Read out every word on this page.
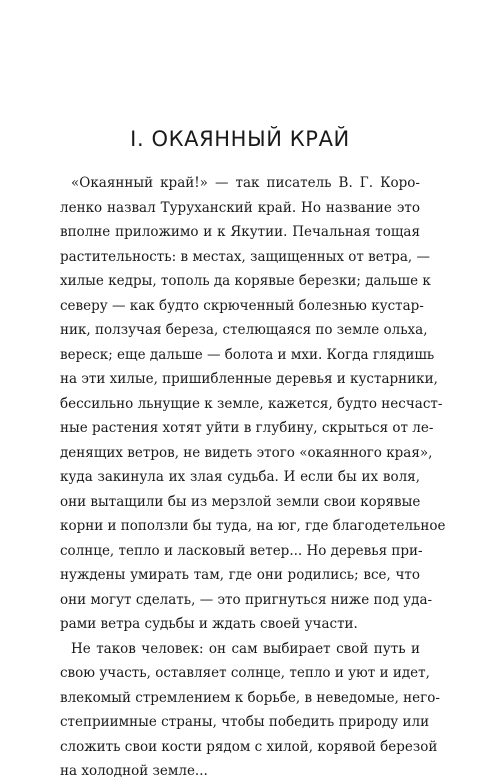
I. ОКАЯННЫЙ КРАЙ
«Окаянный край!» — так писатель В. Г. Коро-
ленко назвал Туруханский край. Но название это
вполне приложимо и к Якутии. Печальная тощая
растительность: в местах, защищенных от ветра, —
хилые кедры, тополь да корявые березки; дальше к
северу — как будто скрюченный болезнью кустар-
ник, ползучая береза, стелющаяся по земле ольха,
вереск; еще дальше — болота и мхи. Когда глядишь
на эти хилые, пришибленные деревья и кустарники,
бессильно льнущие к земле, кажется, будто несчаст-
ные растения хотят уйти в глубину, скрыться от ле-
денящих ветров, не видеть этого «окаянного края»,
куда закинула их злая судьба. И если бы их воля,
они вытащили бы из мерзлой земли свои корявые
корни и поползли бы туда, на юг, где благодетельное
солнце, тепло и ласковый ветер... Но деревья при-
нуждены умирать там, где они родились; все, что
они могут сделать, — это пригнуться ниже под уда-
рами ветра судьбы и ждать своей участи.
Не таков человек: он сам выбирает свой путь и
свою участь, оставляет солнце, тепло и уют и идет,
влекомый стремлением к борьбе, в неведомые, него-
степриимные страны, чтобы победить природу или
сложить свои кости рядом с хилой, корявой березой
на холодной земле...
